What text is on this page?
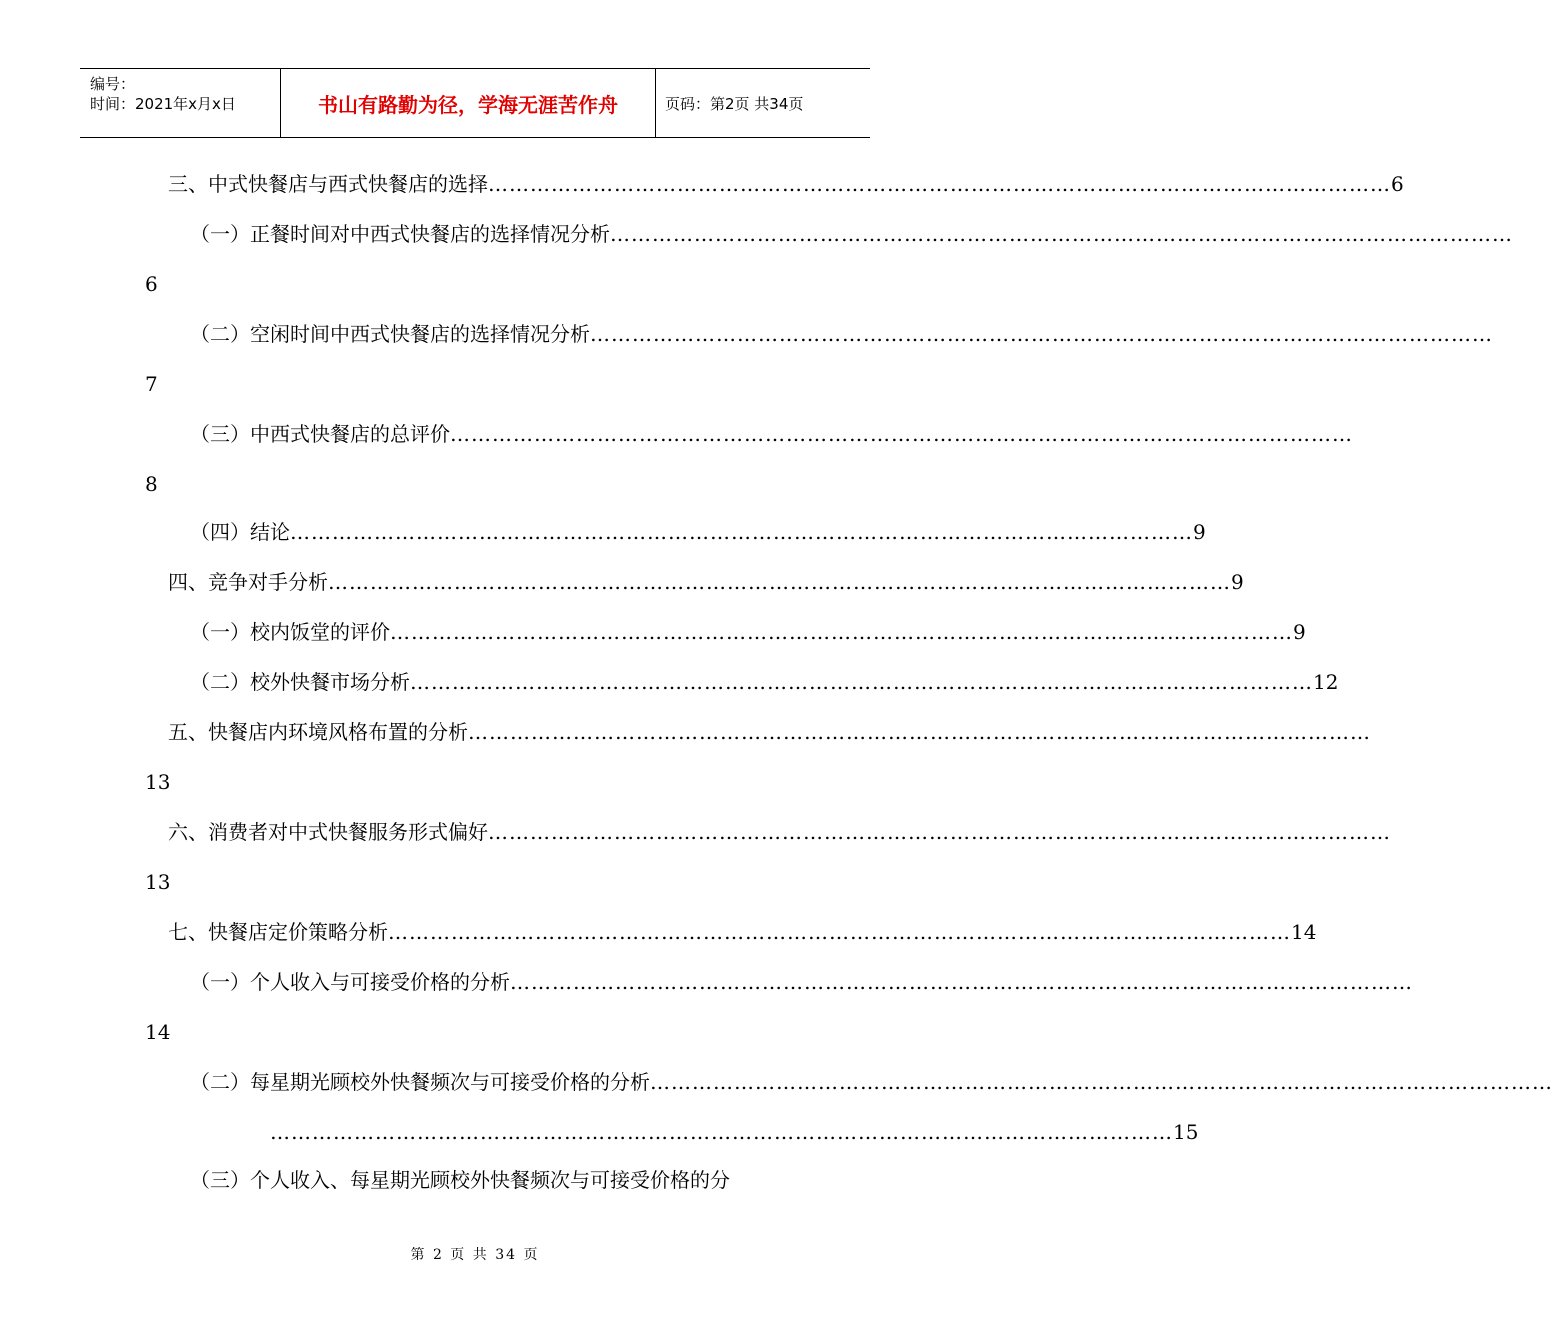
编号：
时间：2021年x月x日	书山有路勤为径，学海无涯苦作舟	页码：第2页 共34页
三、中式快餐店与西式快餐店的选择 ………………………………………………………………………………………………………………… 6
（一）正餐时间对中西式快餐店的选择情况分析 …………………………………………………………………………………………………………………
6
（二）空闲时间中西式快餐店的选择情况分析 …………………………………………………………………………………………………………………
7
（三）中西式快餐店的总评价 …………………………………………………………………………………………………………………
8
（四）结论 ………………………………………………………………………………………………………………… 9
四、竞争对手分析 ………………………………………………………………………………………………………………… 9
（一）校内饭堂的评价 ………………………………………………………………………………………………………………… 9
（二）校外快餐市场分析 ………………………………………………………………………………………………………………… 12
五、快餐店内环境风格布置的分析 …………………………………………………………………………………………………………………
13
六、消费者对中式快餐服务形式偏好 …………………………………………………………………………………………………………………
13
七、快餐店定价策略分析 ………………………………………………………………………………………………………………… 14
（一）个人收入与可接受价格的分析 …………………………………………………………………………………………………………………
14
（二）每星期光顾校外快餐频次与可接受价格的分析 …………………………………………………………………………………………………………………
………………………………………………………………………………………………………………… 15
（三）个人收入、每星期光顾校外快餐频次与可接受价格的分
第 2 页 共 34 页
